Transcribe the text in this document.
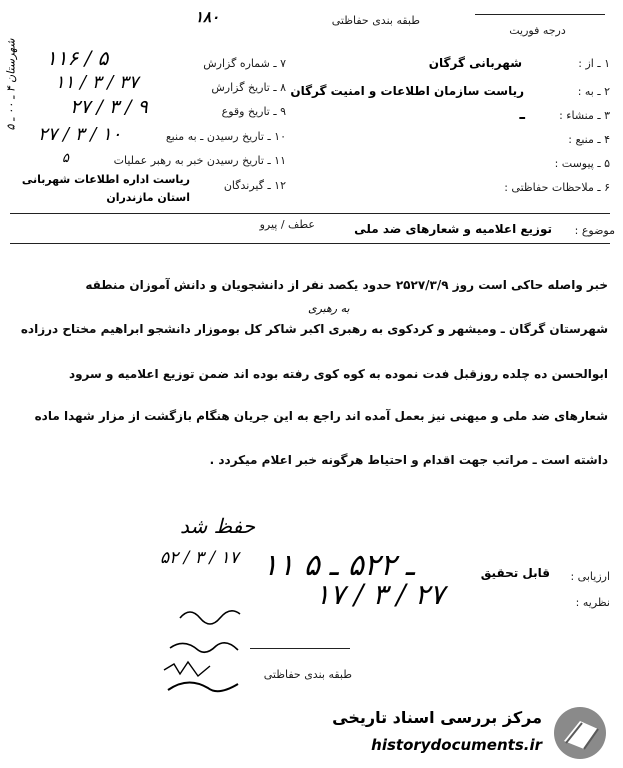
طبقه بندی حفاظتی
۱۸۰
درجه فوریت
۱ ـ از :
۲ ـ به :
۳ ـ منشاء :
۴ ـ منبع :
۵ ـ پیوست :
۶ ـ ملاحظات حفاظتی :
شهربانی گرگان
ریاست سازمان اطلاعات و امنیت گرگان
ـ
۷ ـ شماره گزارش
۸ ـ تاریخ گزارش
۹ ـ تاریخ وقوع
۱۰ ـ تاریخ رسیدن ـ به منبع
۱۱ ـ تاریخ رسیدن خبر به رهبر عملیات
۱۲ ـ گیرندگان
۱۱۶ / ۵
۱۱ / ۳ / ۳۷
۲۷ / ۳ / ۹
۲۷ / ۳ / ۱۰
۵
ریاست اداره اطلاعات شهربانی استان مازندران
شهرستان ۴ ـ ۰۰ ـ ۵
عطف / پیرو	موضوع :
توزیع اعلامیه و شعارهای ضد ملی
خبر واصله حاکی است روز ۲۵۲۷/۳/۹ حدود یکصد نفر از دانشجویان و دانش آموزان منطقه
به رهبری
شهرستان گرگان ـ ومیشهر و کردکوی به رهبری اکبر شاکر کل بوموزار دانشجو ابراهیم مختاح درزاده
ابوالحسن ده چلده روزقبل فدت نموده به کوه کوی رفته بوده اند ضمن توزیع اعلامیه و سرود
شعارهای ضد ملی و میهنی نیز بعمل آمده اند راجع به این جریان هنگام بازگشت از مزار شهدا ماده
داشته است ـ مراتب جهت اقدام و احتیاط هرگونه خبر اعلام میکردد .
حفظ شد
۵۲ / ۳ / ۱۷ ۱۱ ـ ۵۲۲ ـ ۵
۱۷ / ۳ / ۲۷
ارزیابی :
قابل تحقیق
نظریه :
طبقه بندی حفاظتی
مرکز بررسی اسناد تاریخی
historydocuments.ir
